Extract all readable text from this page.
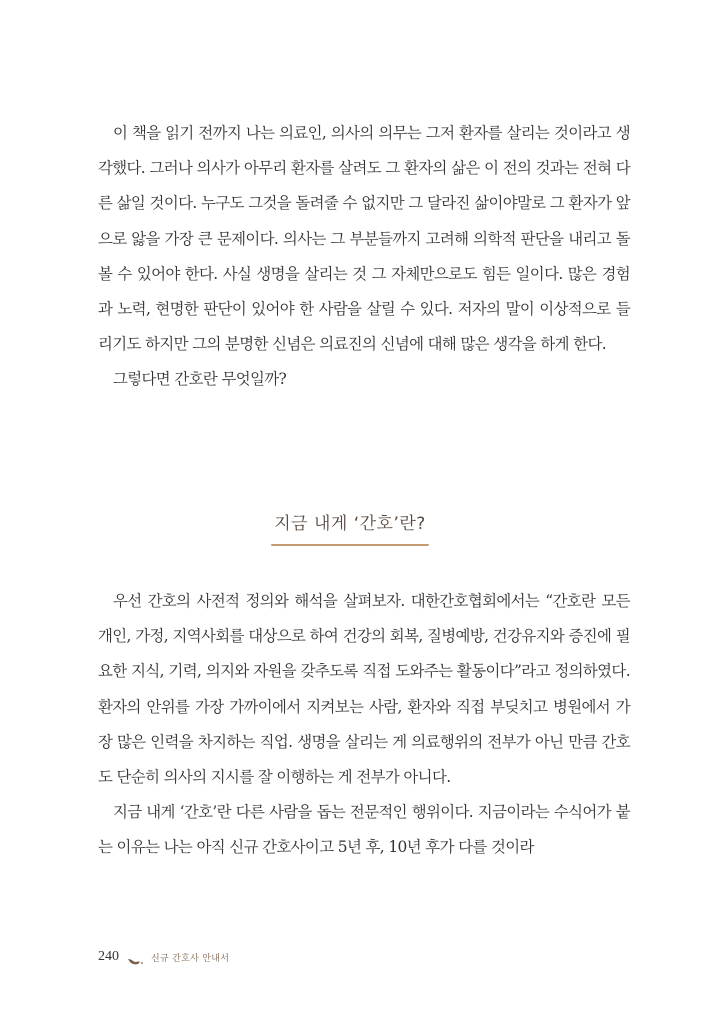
이 책을 읽기 전까지 나는 의료인, 의사의 의무는 그저 환자를 살리는 것이라고 생각했다. 그러나 의사가 아무리 환자를 살려도 그 환자의 삶은 이 전의 것과는 전혀 다른 삶일 것이다. 누구도 그것을 돌려줄 수 없지만 그 달라진 삶이야말로 그 환자가 앞으로 앓을 가장 큰 문제이다. 의사는 그 부분들까지 고려해 의학적 판단을 내리고 돌볼 수 있어야 한다. 사실 생명을 살리는 것 그 자체만으로도 힘든 일이다. 많은 경험과 노력, 현명한 판단이 있어야 한 사람을 살릴 수 있다. 저자의 말이 이상적으로 들리기도 하지만 그의 분명한 신념은 의료진의 신념에 대해 많은 생각을 하게 한다.

그렇다면 간호란 무엇일까?

지금 내게 ‘간호’란?

우선 간호의 사전적 정의와 해석을 살펴보자. 대한간호협회에서는 “간호란 모든 개인, 가정, 지역사회를 대상으로 하여 건강의 회복, 질병예방, 건강유지와 증진에 필요한 지식, 기력, 의지와 자원을 갖추도록 직접 도와주는 활동이다”라고 정의하였다. 환자의 안위를 가장 가까이에서 지켜보는 사람, 환자와 직접 부딪치고 병원에서 가장 많은 인력을 차지하는 직업. 생명을 살리는 게 의료행위의 전부가 아닌 만큼 간호도 단순히 의사의 지시를 잘 이행하는 게 전부가 아니다.

지금 내게 ‘간호’란 다른 사람을 돕는 전문적인 행위이다. 지금이라는 수식어가 붙는 이유는 나는 아직 신규 간호사이고 5년 후, 10년 후가 다를 것이라

240	신규 간호사 안내서
